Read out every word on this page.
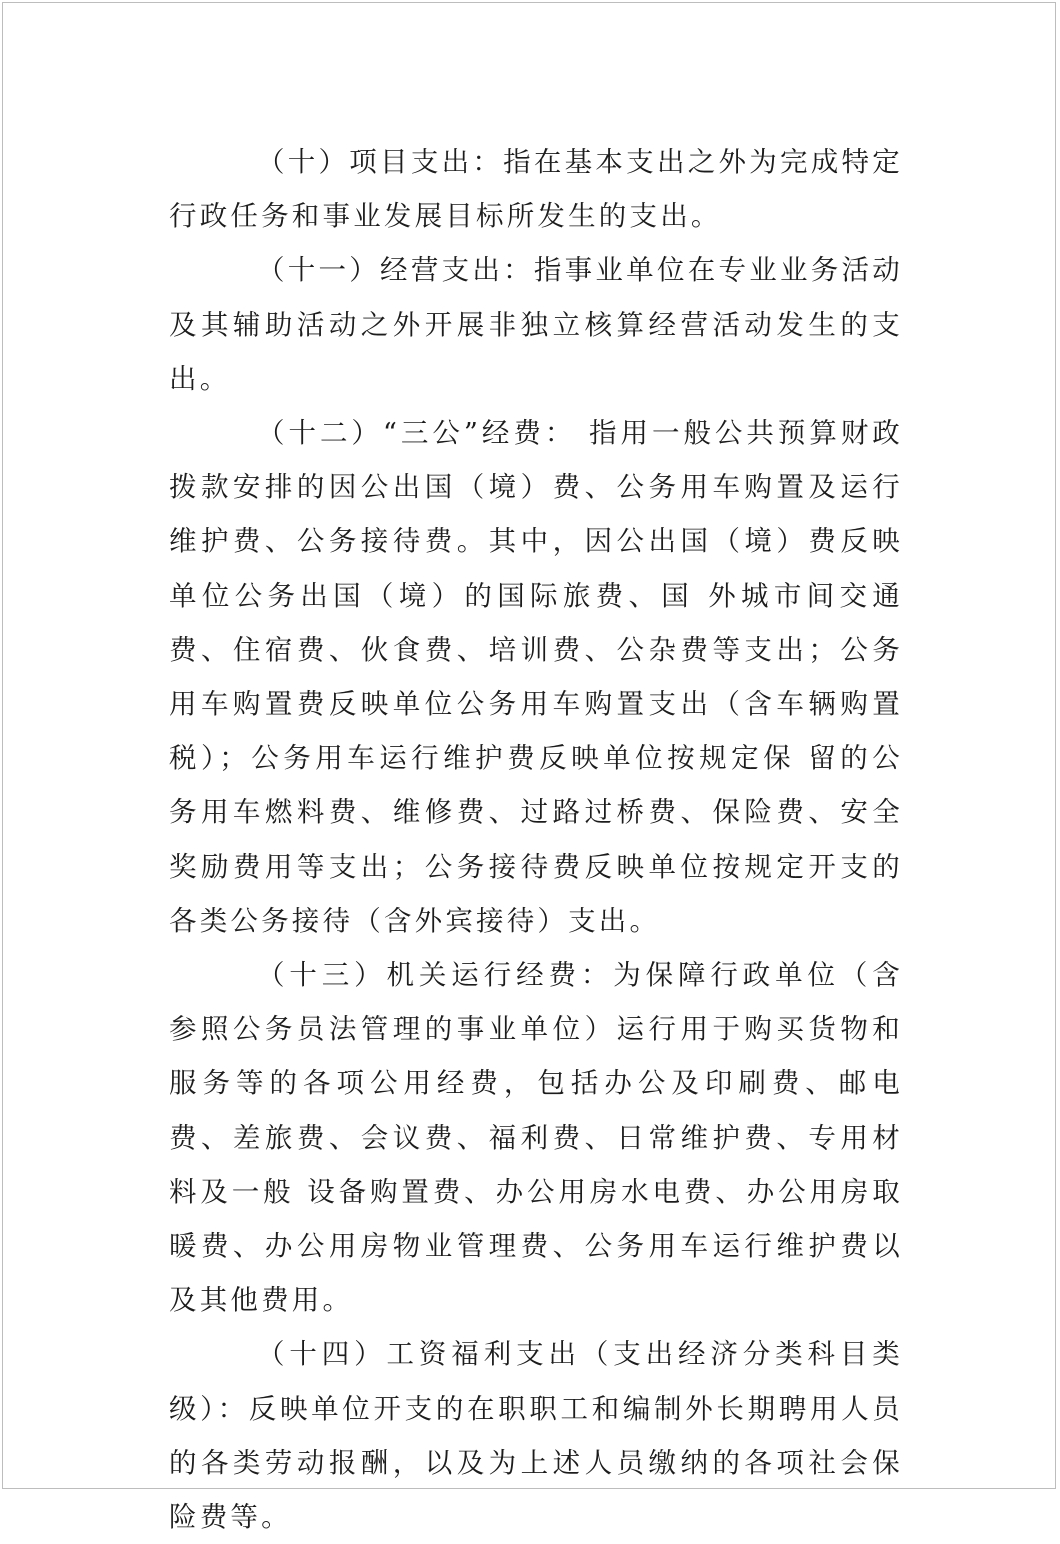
（十）项目支出：指在基本支出之外为完成特定行政任务和事业发展目标所发生的支出。

（十一）经营支出：指事业单位在专业业务活动及其辅助活动之外开展非独立核算经营活动发生的支出。

（十二）“三公”经费： 指用一般公共预算财政拨款安排的因公出国（境）费、公务用车购置及运行维护费、公务接待费。其中，因公出国（境）费反映单位公务出国（境）的国际旅费、国 外城市间交通费、住宿费、伙食费、培训费、公杂费等支出；公务用车购置费反映单位公务用车购置支出（含车辆购置税）；公务用车运行维护费反映单位按规定保 留的公务用车燃料费、维修费、过路过桥费、保险费、安全奖励费用等支出；公务接待费反映单位按规定开支的各类公务接待（含外宾接待）支出。

（十三）机关运行经费：为保障行政单位（含 参照公务员法管理的事业单位）运行用于购买货物和服务等的各项公用经费，包括办公及印刷费、邮电费、差旅费、会议费、福利费、日常维护费、专用材料及一般 设备购置费、办公用房水电费、办公用房取暖费、办公用房物业管理费、公务用车运行维护费以及其他费用。

（十四）工资福利支出（支出经济分类科目类级）：反映单位开支的在职职工和编制外长期聘用人员的各类劳动报酬，以及为上述人员缴纳的各项社会保险费等。
